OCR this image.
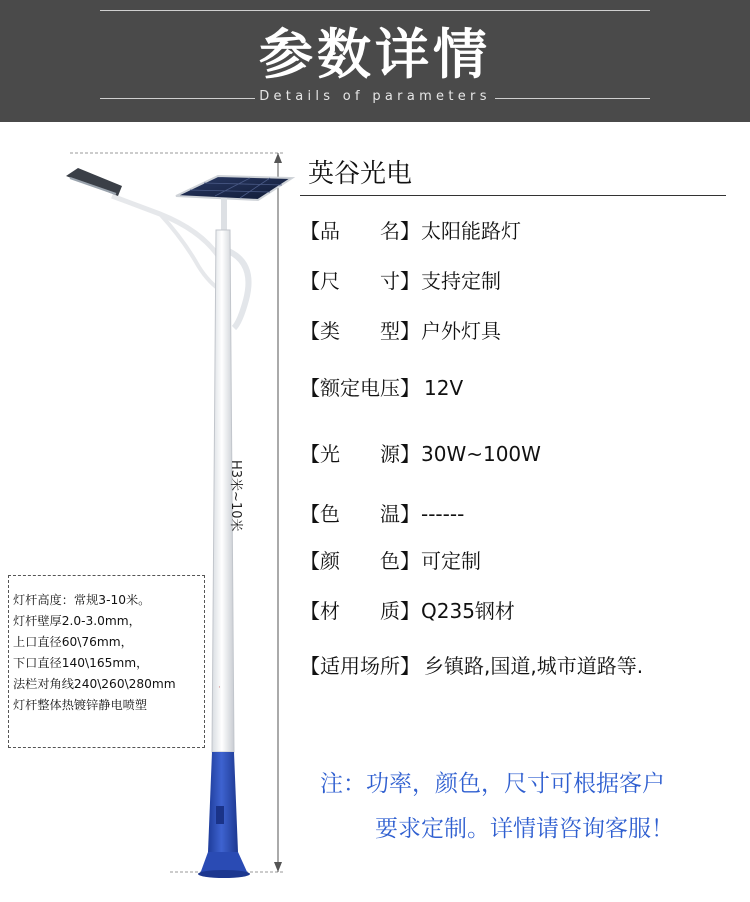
参数详情
Details of parameters
·
H3米~10米
英谷光电
【品　　名】太阳能路灯
【尺　　寸】支持定制
【类　　型】户外灯具
【额定电压】 12V
【光　　源】30W~100W
【色　　温】------
【颜　　色】可定制
【材　　质】Q235钢材
【适用场所】 乡镇路,国道,城市道路等.
灯杆高度：常规3-10米。
灯杆壁厚2.0-3.0mm，
上口直径60\76mm，
下口直径140\165mm，
法栏对角线240\260\280mm
灯杆整体热镀锌静电喷塑
注：功率，颜色，尺寸可根据客户
要求定制。详情请咨询客服！
